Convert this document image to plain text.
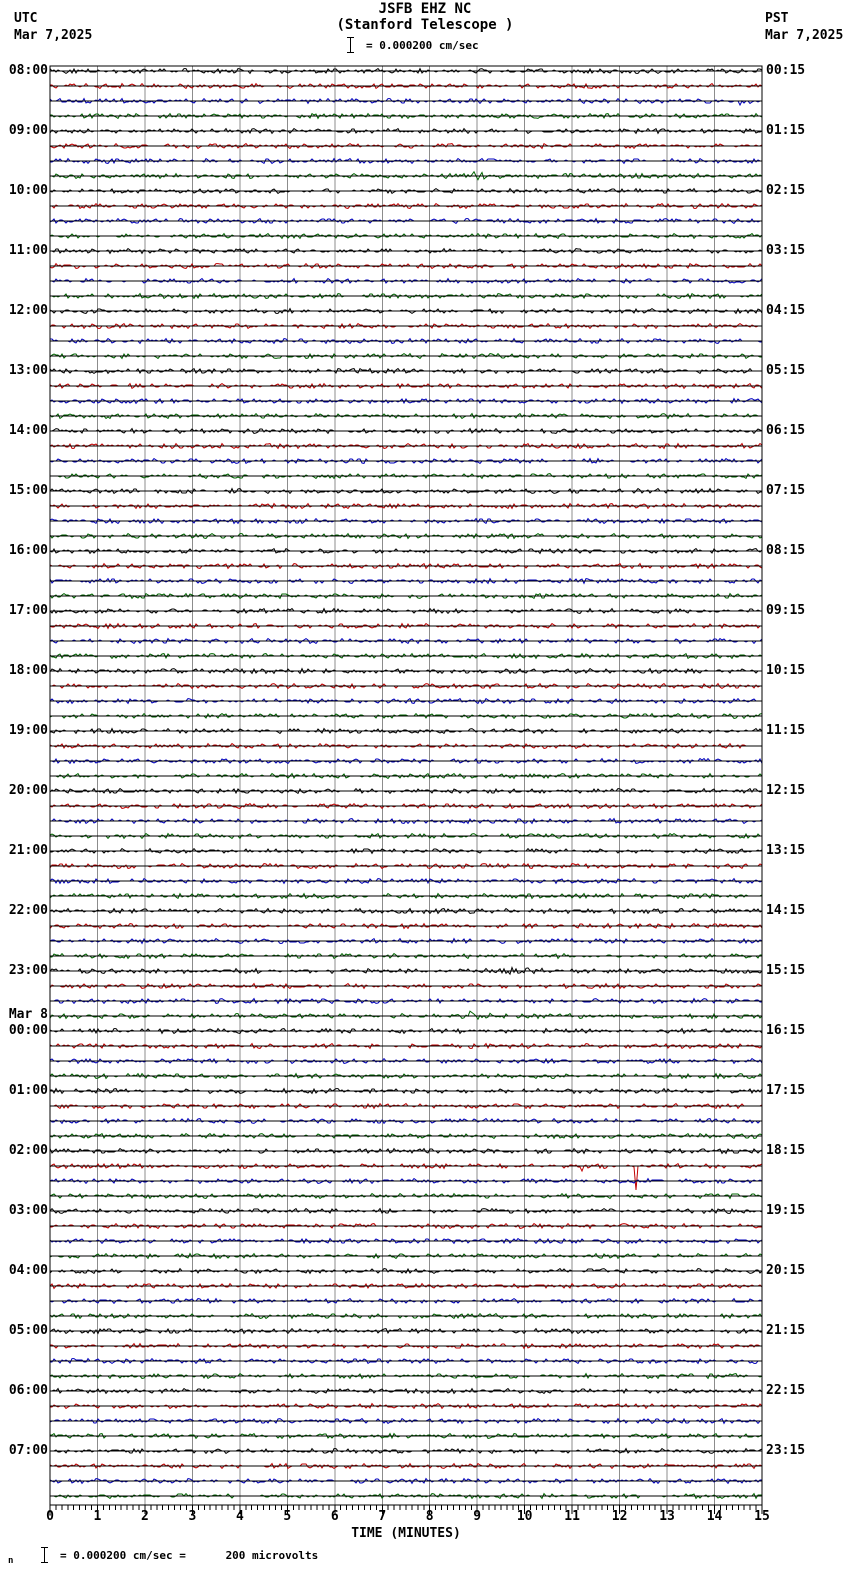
JSFB EHZ NC
(Stanford Telescope )
UTC
Mar 7,2025
PST
Mar 7,2025
= 0.000200 cm/sec
08:00
09:00
10:00
11:00
12:00
13:00
14:00
15:00
16:00
17:00
18:00
19:00
20:00
21:00
22:00
23:00
Mar 8
00:00
01:00
02:00
03:00
04:00
05:00
06:00
07:00
00:15
01:15
02:15
03:15
04:15
05:15
06:15
07:15
08:15
09:15
10:15
11:15
12:15
13:15
14:15
15:15
16:15
17:15
18:15
19:15
20:15
21:15
22:15
23:15
0	1	2	3	4	5	6	7	8	9	10 11 12 13 14 15
TIME (MINUTES)
n	= 0.000200 cm/sec =      200 microvolts
